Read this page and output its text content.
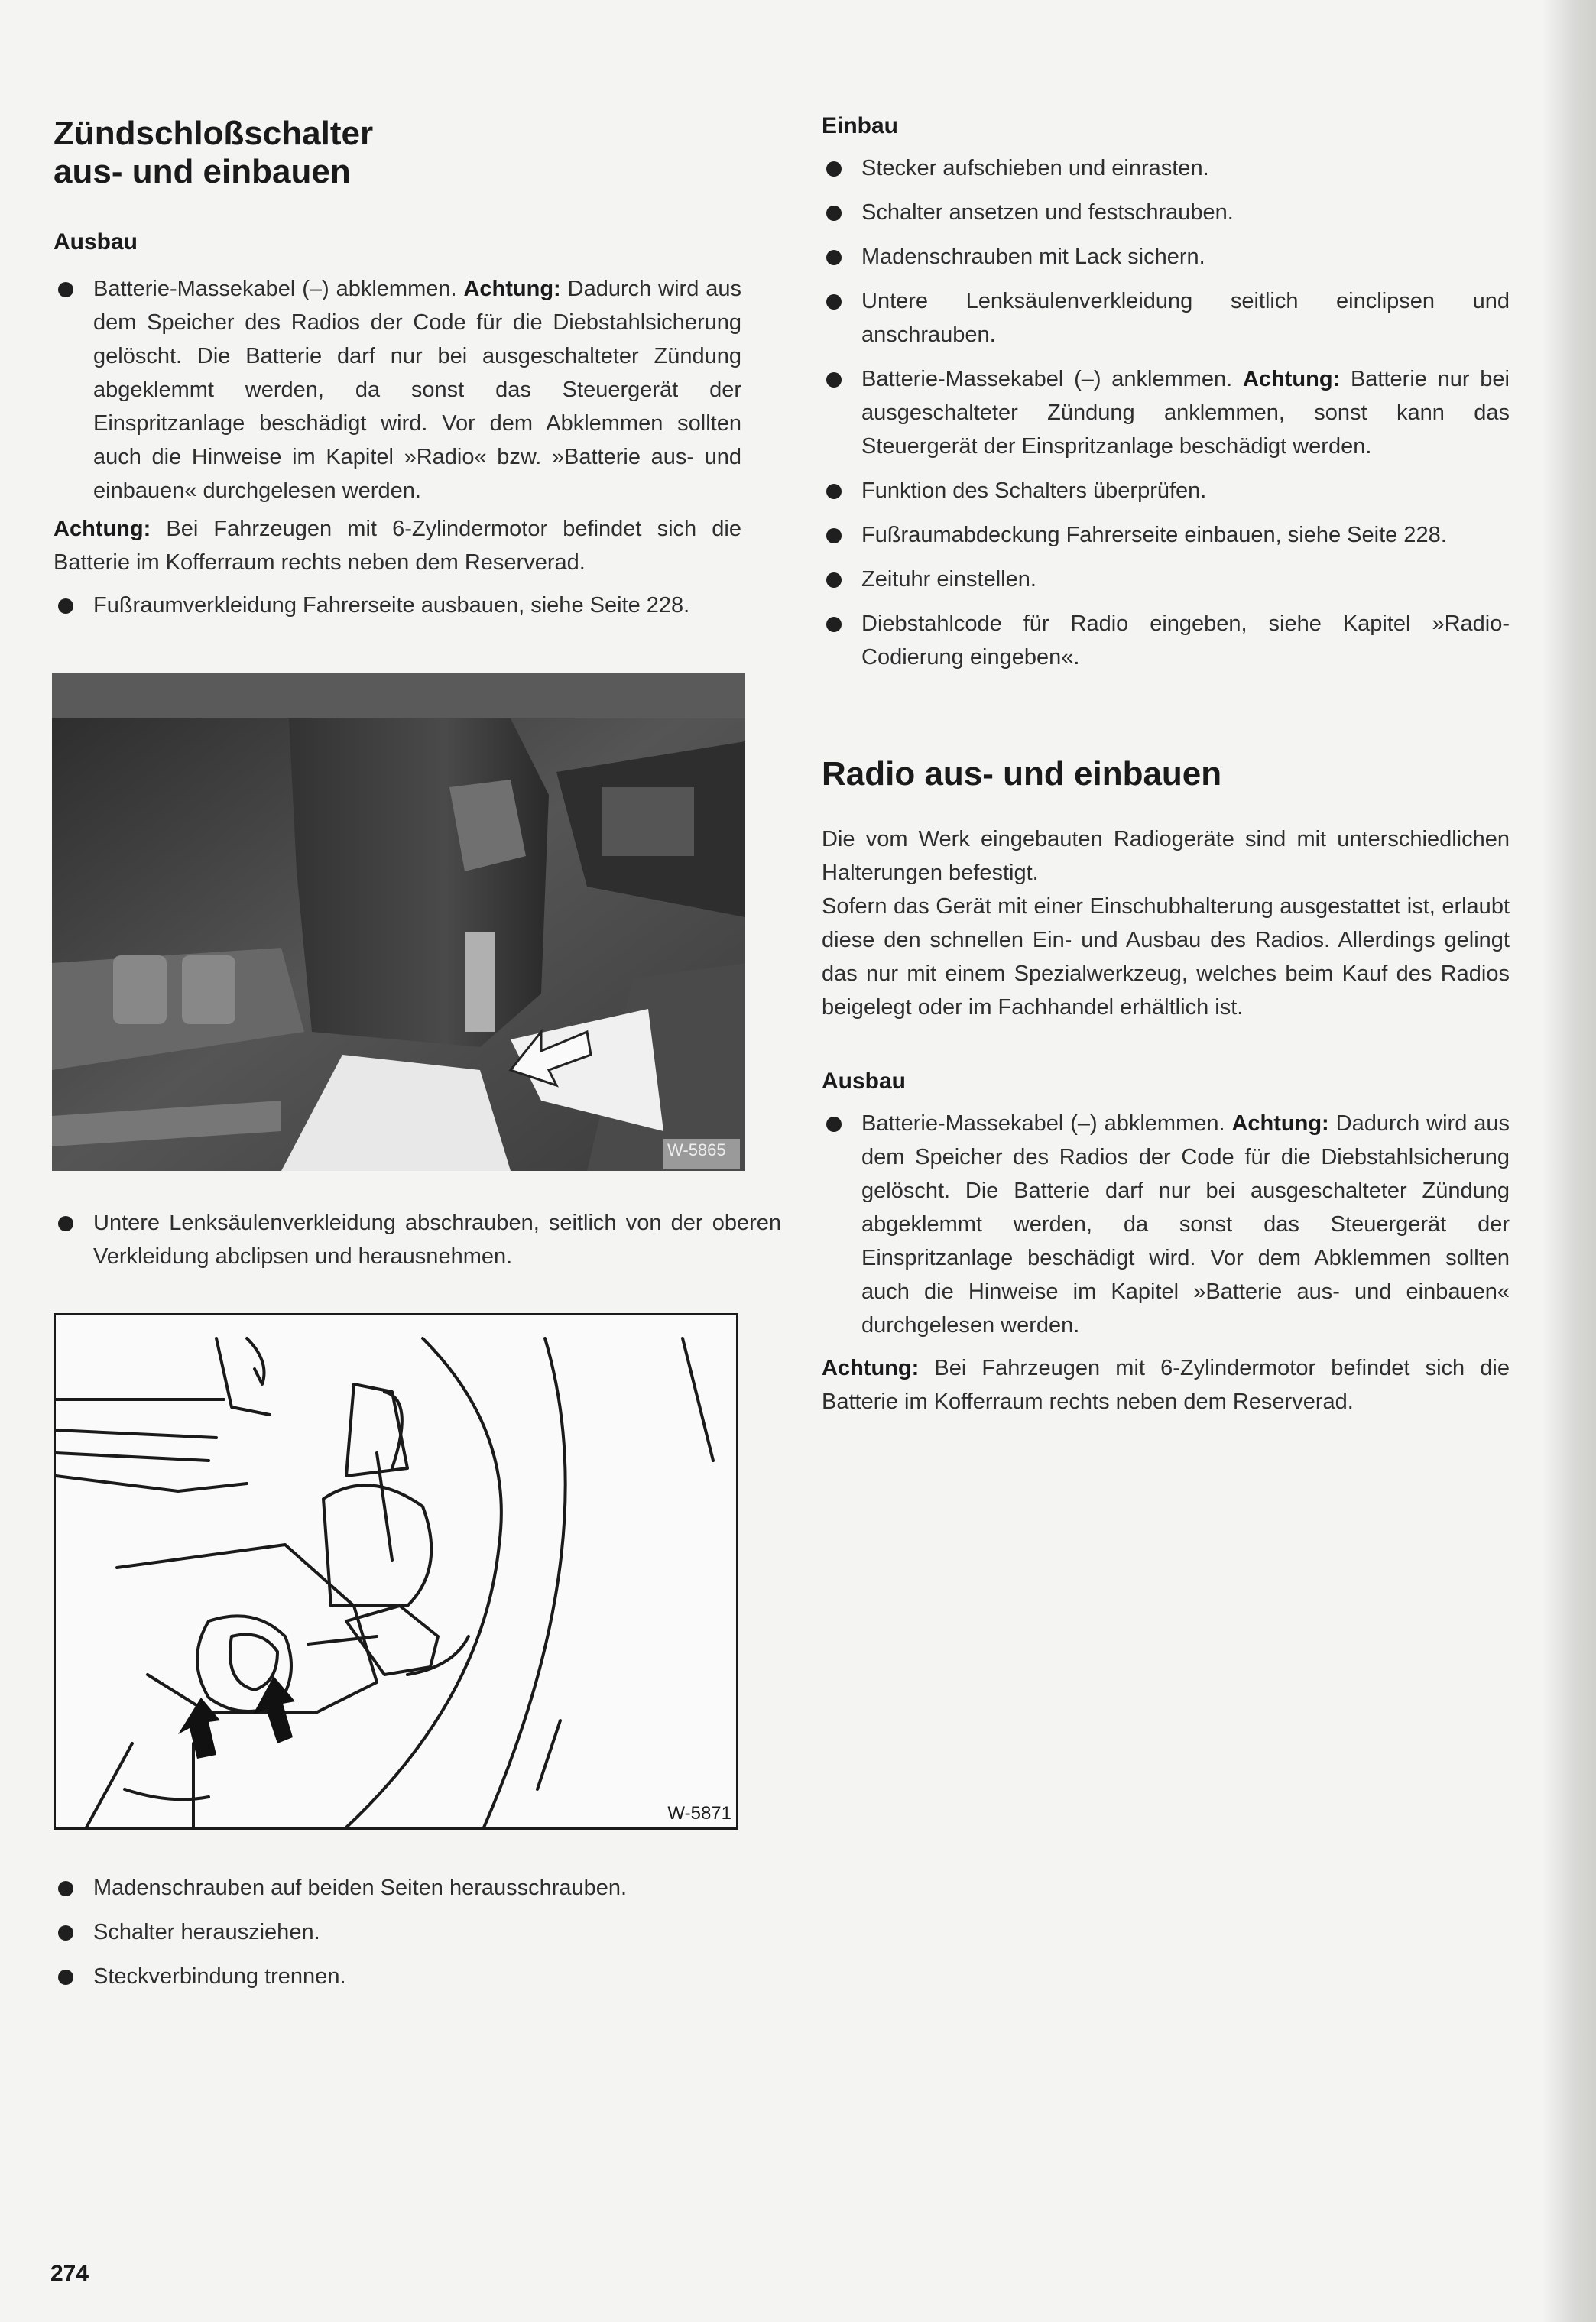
Zündschloßschalter
aus- und einbauen
Ausbau

Batterie-Massekabel (–) abklemmen. Achtung: Dadurch wird aus dem Speicher des Radios der Code für die Diebstahlsicherung gelöscht. Die Batterie darf nur bei ausgeschalteter Zündung abgeklemmt werden, da sonst das Steuergerät der Einspritzanlage beschädigt wird. Vor dem Abklemmen sollten auch die Hinweise im Kapitel »Radio« bzw. »Batterie aus- und einbauen« durchgelesen werden.

Achtung: Bei Fahrzeugen mit 6-Zylindermotor befindet sich die Batterie im Kofferraum rechts neben dem Reserverad.

Fußraumverkleidung Fahrerseite ausbauen, siehe Seite 228.

W-5865

Untere Lenksäulenverkleidung abschrauben, seitlich von der oberen Verkleidung abclipsen und herausnehmen.

W-5871

Madenschrauben auf beiden Seiten herausschrauben.

Schalter herausziehen.

Steckverbindung trennen.

Einbau

Stecker aufschieben und einrasten.

Schalter ansetzen und festschrauben.

Madenschrauben mit Lack sichern.

Untere Lenksäulenverkleidung seitlich einclipsen und anschrauben.

Batterie-Massekabel (–) anklemmen. Achtung: Batterie nur bei ausgeschalteter Zündung anklemmen, sonst kann das Steuergerät der Einspritzanlage beschädigt werden.

Funktion des Schalters überprüfen.

Fußraumabdeckung Fahrerseite einbauen, siehe Seite 228.

Zeituhr einstellen.

Diebstahlcode für Radio eingeben, siehe Kapitel »Radio-Codierung eingeben«.

Radio aus- und einbauen

Die vom Werk eingebauten Radiogeräte sind mit unterschiedlichen Halterungen befestigt.

Sofern das Gerät mit einer Einschubhalterung ausgestattet ist, erlaubt diese den schnellen Ein- und Ausbau des Radios. Allerdings gelingt das nur mit einem Spezialwerkzeug, welches beim Kauf des Radios beigelegt oder im Fachhandel erhältlich ist.

Ausbau

Batterie-Massekabel (–) abklemmen. Achtung: Dadurch wird aus dem Speicher des Radios der Code für die Diebstahlsicherung gelöscht. Die Batterie darf nur bei ausgeschalteter Zündung abgeklemmt werden, da sonst das Steuergerät der Einspritzanlage beschädigt wird. Vor dem Abklemmen sollten auch die Hinweise im Kapitel »Batterie aus- und einbauen« durchgelesen werden.

Achtung: Bei Fahrzeugen mit 6-Zylindermotor befindet sich die Batterie im Kofferraum rechts neben dem Reserverad.

274
